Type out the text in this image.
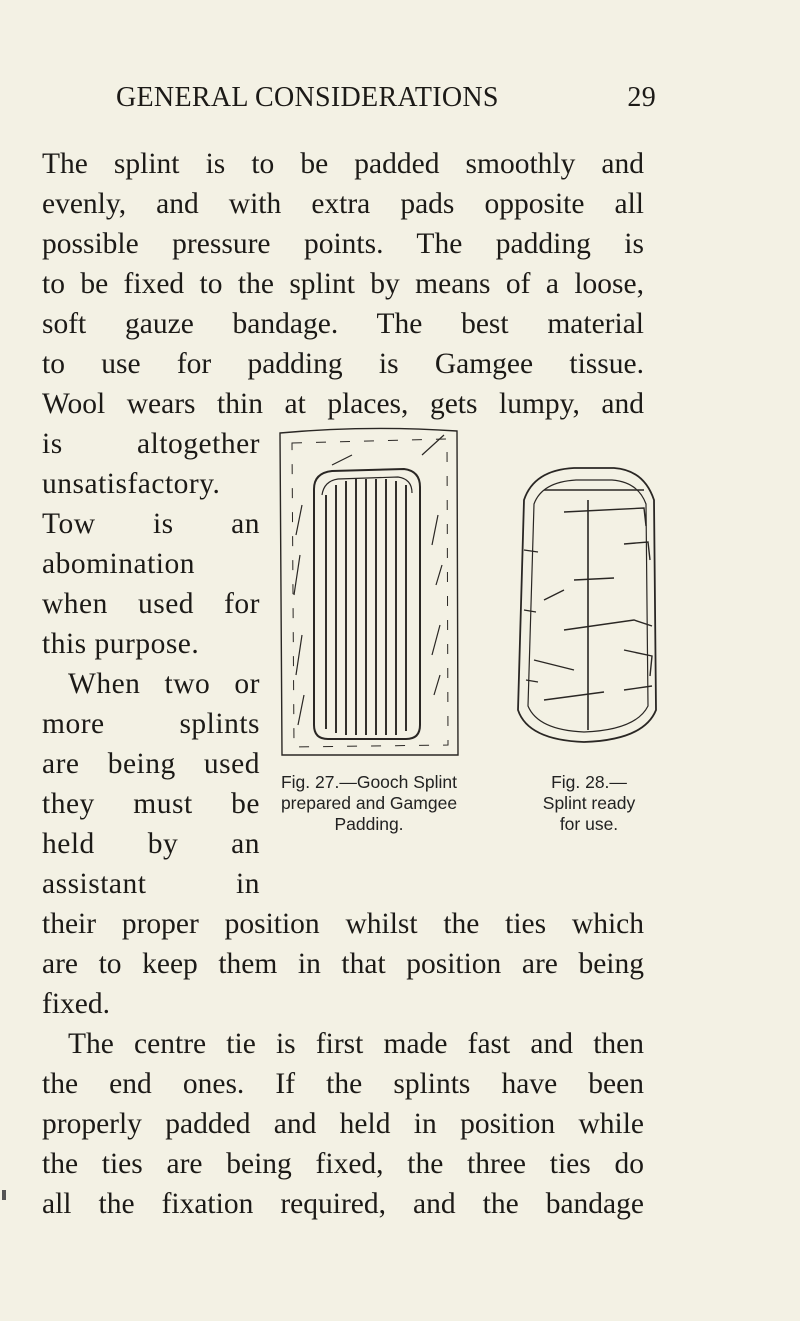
GENERAL CONSIDERATIONS	29
The splint is to be padded smoothly and
evenly, and with extra pads opposite all
possible pressure points. The padding is
to be fixed to the splint by means of a loose,
soft gauze bandage. The best material
to use for padding is Gamgee tissue.
Wool wears thin at places, gets lumpy, and
is altogether
unsatisfactory.
Tow is an
abomination
when used for
this purpose.
When two or
more splints
are being used
they must be
held by an
assistant in
their proper position whilst the ties which
are to keep them in that position are being
fixed.
The centre tie is first made fast and then
the end ones. If the splints have been
properly padded and held in position while
the ties are being fixed, the three ties do
all the fixation required, and the bandage
Fig. 27.—Gooch Splint
prepared and Gamgee
Padding.
Fig. 28.—
Splint ready
for use.
